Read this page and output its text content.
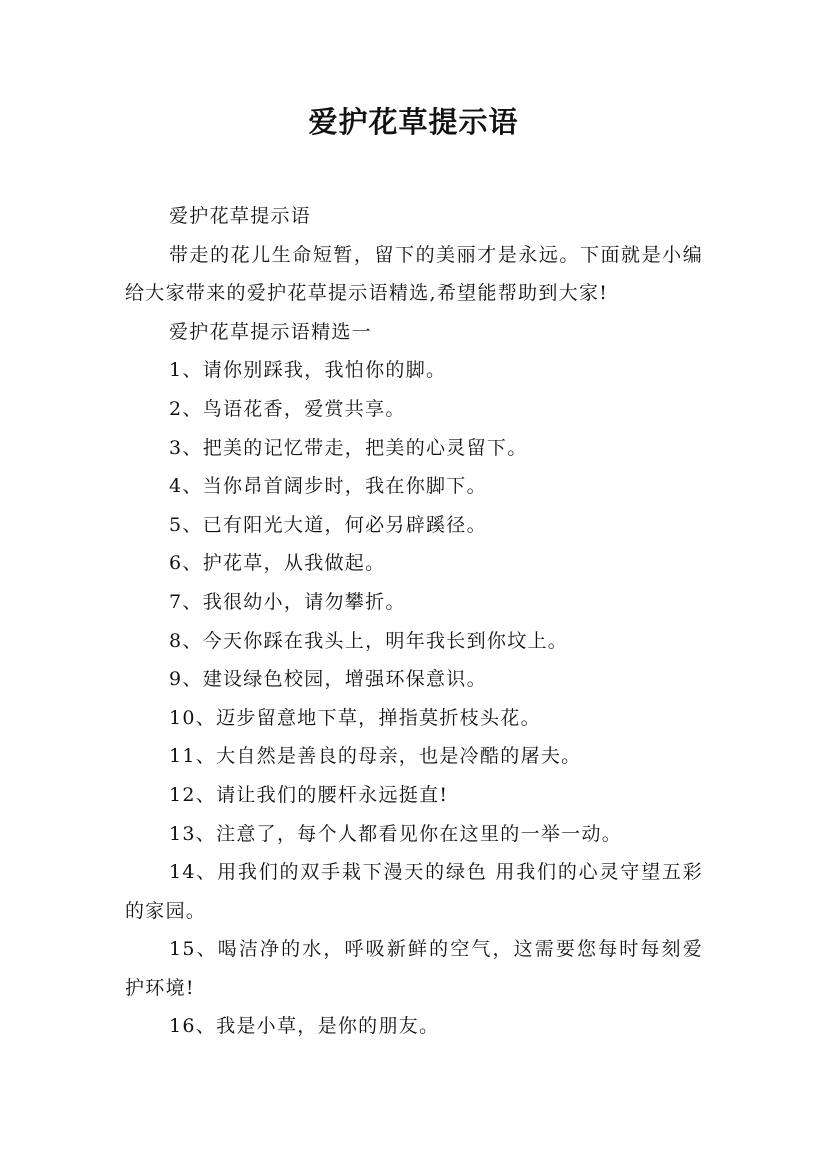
爱护花草提示语

爱护花草提示语

带走的花儿生命短暂，留下的美丽才是永远。下面就是小编给大家带来的爱护花草提示语精选,希望能帮助到大家!

爱护花草提示语精选一

1、请你别踩我，我怕你的脚。

2、鸟语花香，爱赏共享。

3、把美的记忆带走，把美的心灵留下。

4、当你昂首阔步时，我在你脚下。

5、已有阳光大道，何必另辟蹊径。

6、护花草，从我做起。

7、我很幼小，请勿攀折。

8、今天你踩在我头上，明年我长到你坟上。

9、建设绿色校园，增强环保意识。

10、迈步留意地下草，掸指莫折枝头花。

11、大自然是善良的母亲，也是冷酷的屠夫。

12、请让我们的腰杆永远挺直!

13、注意了，每个人都看见你在这里的一举一动。

14、用我们的双手栽下漫天的绿色 用我们的心灵守望五彩的家园。

15、喝洁净的水，呼吸新鲜的空气，这需要您每时每刻爱护环境!

16、我是小草，是你的朋友。
